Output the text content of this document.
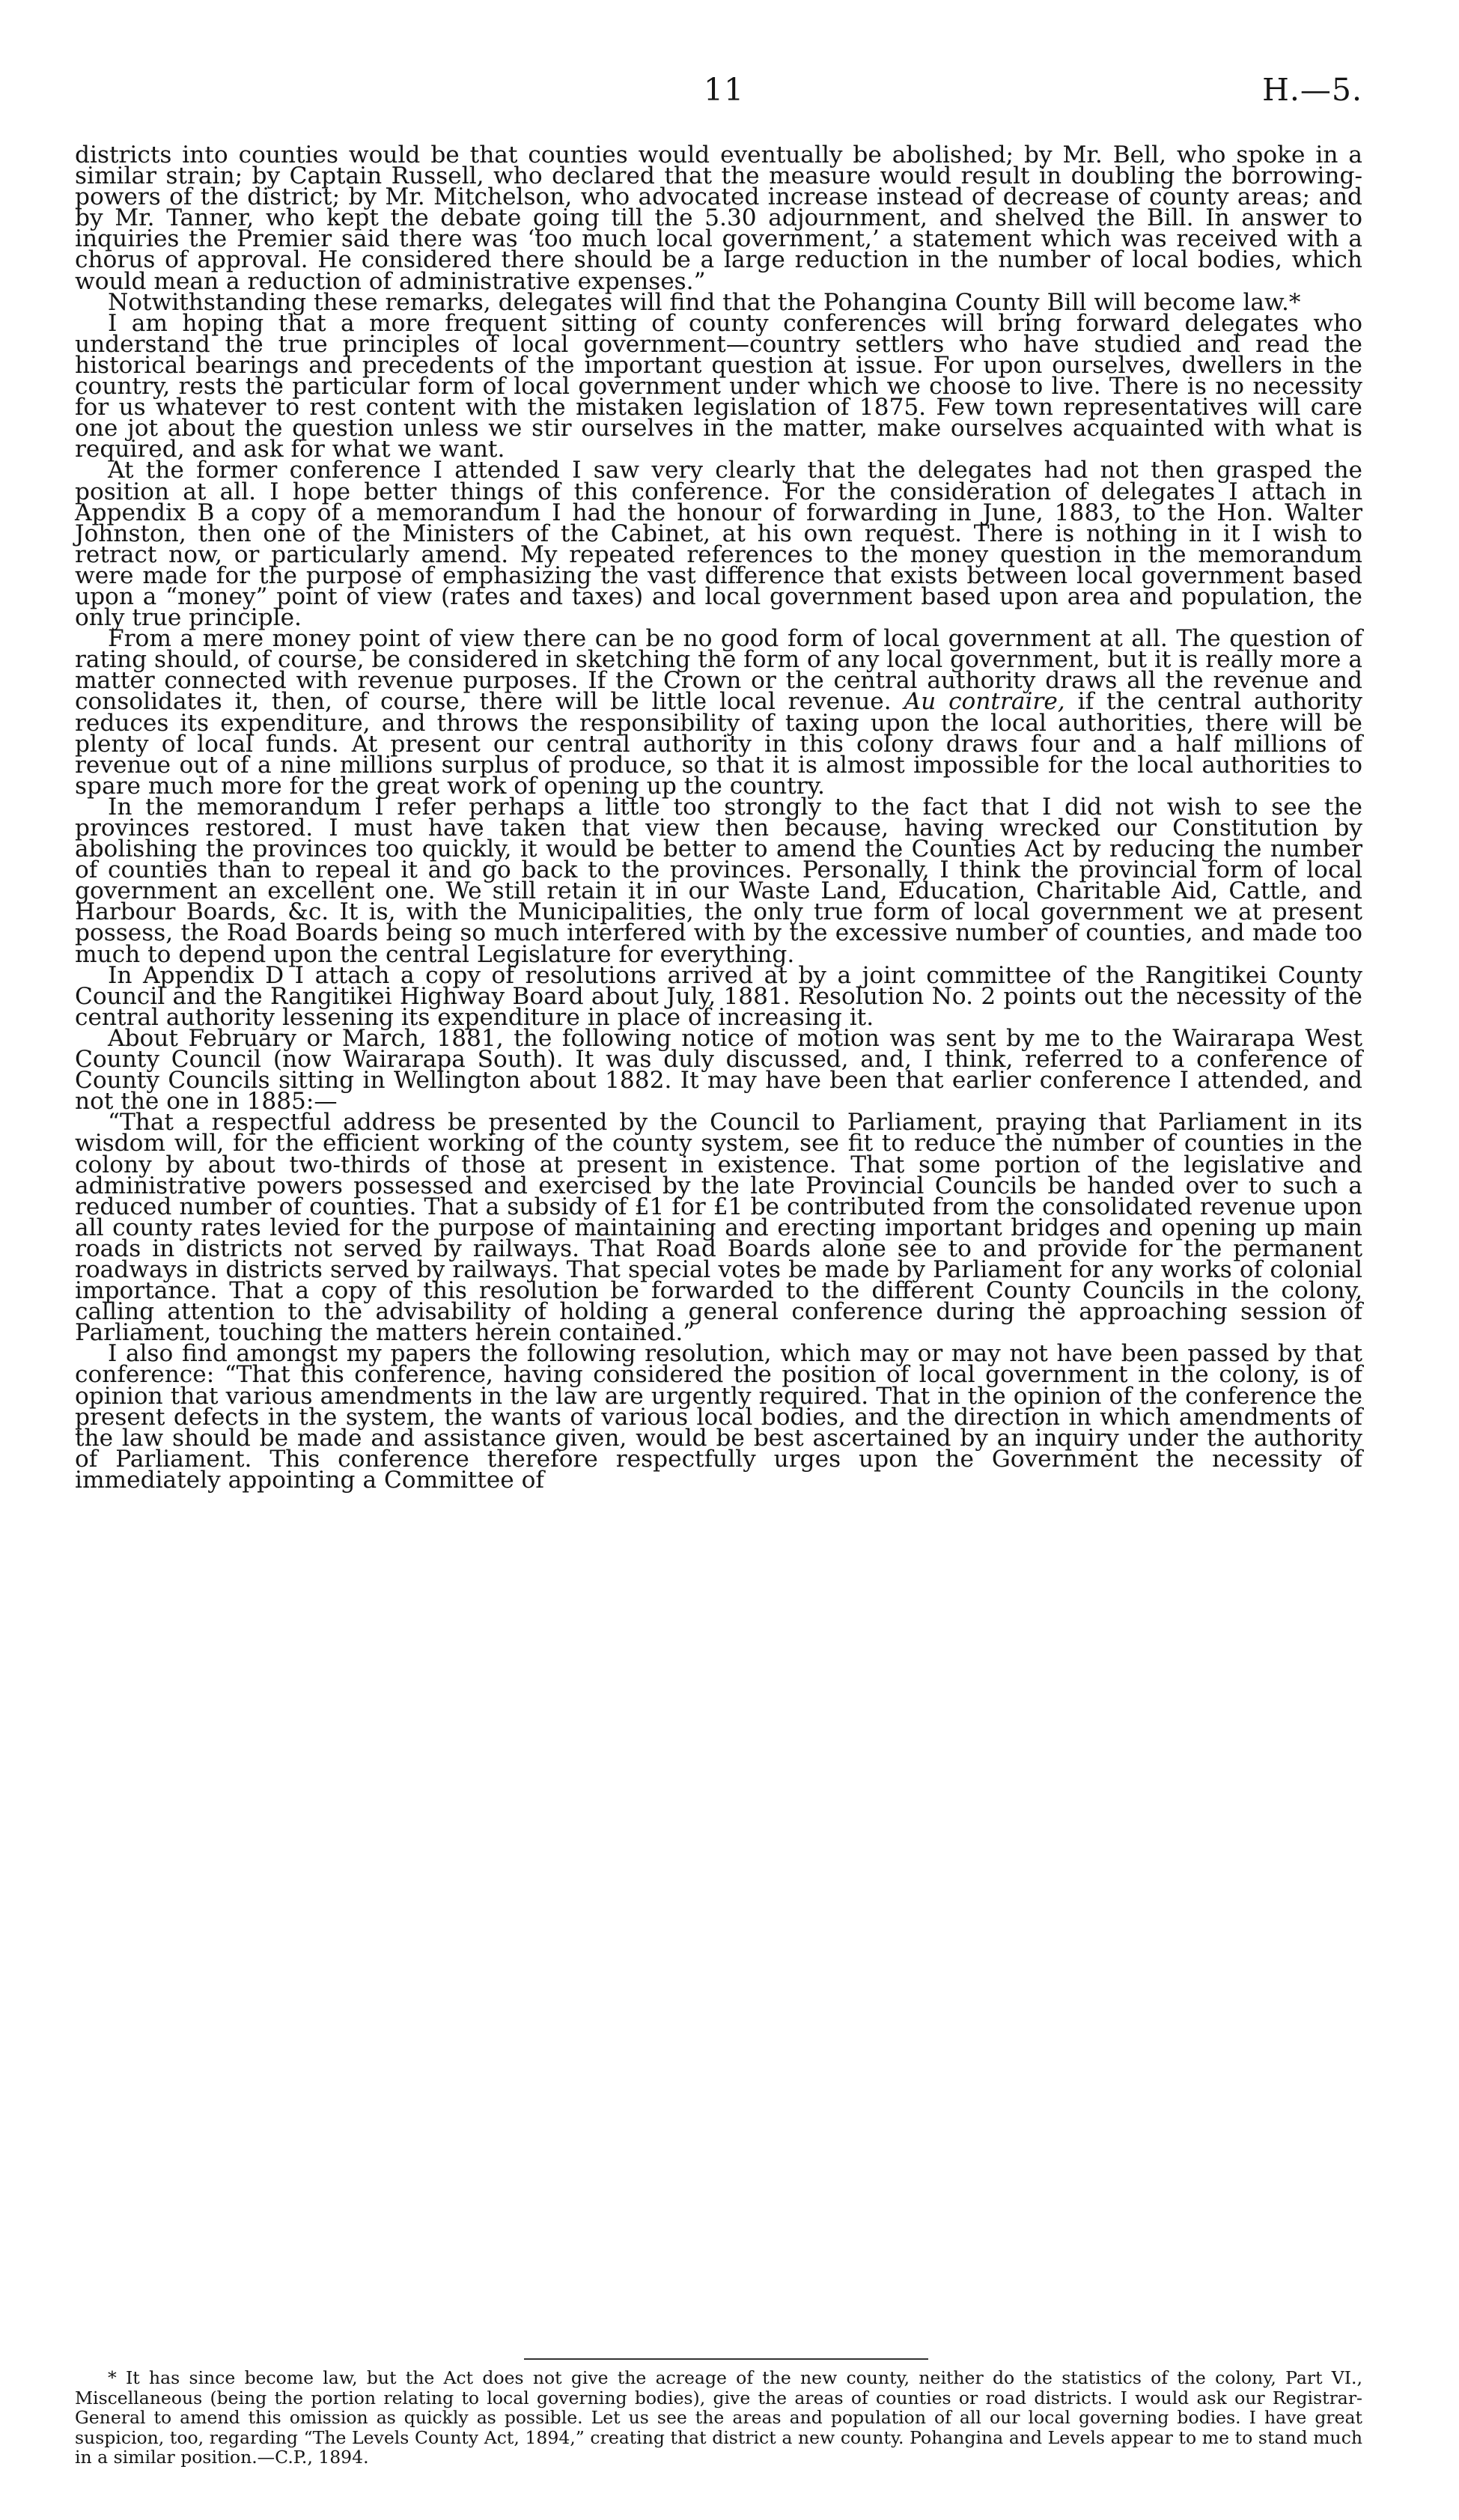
11	H.—5.

districts into counties would be that counties would eventually be abolished; by Mr. Bell, who spoke in a similar strain; by Captain Russell, who declared that the measure would result in doubling the borrowing-powers of the district; by Mr. Mitchelson, who advocated increase instead of decrease of county areas; and by Mr. Tanner, who kept the debate going till the 5.30 adjournment, and shelved the Bill. In answer to inquiries the Premier said there was ‘too much local government,’ a statement which was received with a chorus of approval. He considered there should be a large reduction in the number of local bodies, which would mean a reduction of administrative expenses.”

Notwithstanding these remarks, delegates will find that the Pohangina County Bill will become law.*

I am hoping that a more frequent sitting of county conferences will bring forward delegates who understand the true principles of local government—country settlers who have studied and read the historical bearings and precedents of the important question at issue. For upon ourselves, dwellers in the country, rests the particular form of local government under which we choose to live. There is no necessity for us whatever to rest content with the mistaken legislation of 1875. Few town representatives will care one jot about the question unless we stir ourselves in the matter, make ourselves acquainted with what is required, and ask for what we want.

At the former conference I attended I saw very clearly that the delegates had not then grasped the position at all. I hope better things of this conference. For the consideration of delegates I attach in Appendix B a copy of a memorandum I had the honour of forwarding in June, 1883, to the Hon. Walter Johnston, then one of the Ministers of the Cabinet, at his own request. There is nothing in it I wish to retract now, or particularly amend. My repeated references to the money question in the memorandum were made for the purpose of emphasizing the vast difference that exists between local government based upon a “money” point of view (rates and taxes) and local government based upon area and population, the only true principle.

From a mere money point of view there can be no good form of local government at all. The question of rating should, of course, be considered in sketching the form of any local government, but it is really more a matter connected with revenue purposes. If the Crown or the central authority draws all the revenue and consolidates it, then, of course, there will be little local revenue. Au contraire, if the central authority reduces its expenditure, and throws the responsibility of taxing upon the local authorities, there will be plenty of local funds. At present our central authority in this colony draws four and a half millions of revenue out of a nine millions surplus of produce, so that it is almost impossible for the local authorities to spare much more for the great work of opening up the country.

In the memorandum I refer perhaps a little too strongly to the fact that I did not wish to see the provinces restored. I must have taken that view then because, having wrecked our Constitution by abolishing the provinces too quickly, it would be better to amend the Counties Act by reducing the number of counties than to repeal it and go back to the provinces. Personally, I think the provincial form of local government an excellent one. We still retain it in our Waste Land, Education, Charitable Aid, Cattle, and Harbour Boards, &c. It is, with the Municipalities, the only true form of local government we at present possess, the Road Boards being so much interfered with by the excessive number of counties, and made too much to depend upon the central Legislature for everything.

In Appendix D I attach a copy of resolutions arrived at by a joint committee of the Rangitikei County Council and the Rangitikei Highway Board about July, 1881. Resolution No. 2 points out the necessity of the central authority lessening its expenditure in place of increasing it.

About February or March, 1881, the following notice of motion was sent by me to the Wairarapa West County Council (now Wairarapa South). It was duly discussed, and, I think, referred to a conference of County Councils sitting in Wellington about 1882. It may have been that earlier conference I attended, and not the one in 1885:—

“That a respectful address be presented by the Council to Parliament, praying that Parliament in its wisdom will, for the efficient working of the county system, see fit to reduce the number of counties in the colony by about two-thirds of those at present in existence. That some portion of the legislative and administrative powers possessed and exercised by the late Provincial Councils be handed over to such a reduced number of counties. That a subsidy of £1 for £1 be contributed from the consolidated revenue upon all county rates levied for the purpose of maintaining and erecting important bridges and opening up main roads in districts not served by railways. That Road Boards alone see to and provide for the permanent roadways in districts served by railways. That special votes be made by Parliament for any works of colonial importance. That a copy of this resolution be forwarded to the different County Councils in the colony, calling attention to the advisability of holding a general conference during the approaching session of Parliament, touching the matters herein contained.”

I also find amongst my papers the following resolution, which may or may not have been passed by that conference: “That this conference, having considered the position of local government in the colony, is of opinion that various amendments in the law are urgently required. That in the opinion of the conference the present defects in the system, the wants of various local bodies, and the direction in which amendments of the law should be made and assistance given, would be best ascertained by an inquiry under the authority of Parliament. This conference therefore respectfully urges upon the Government the necessity of immediately appointing a Committee of

* It has since become law, but the Act does not give the acreage of the new county, neither do the statistics of the colony, Part VI., Miscellaneous (being the portion relating to local governing bodies), give the areas of counties or road districts. I would ask our Registrar-General to amend this omission as quickly as possible. Let us see the areas and population of all our local governing bodies. I have great suspicion, too, regarding “The Levels County Act, 1894,” creating that district a new county. Pohangina and Levels appear to me to stand much in a similar position.—C.P., 1894.
